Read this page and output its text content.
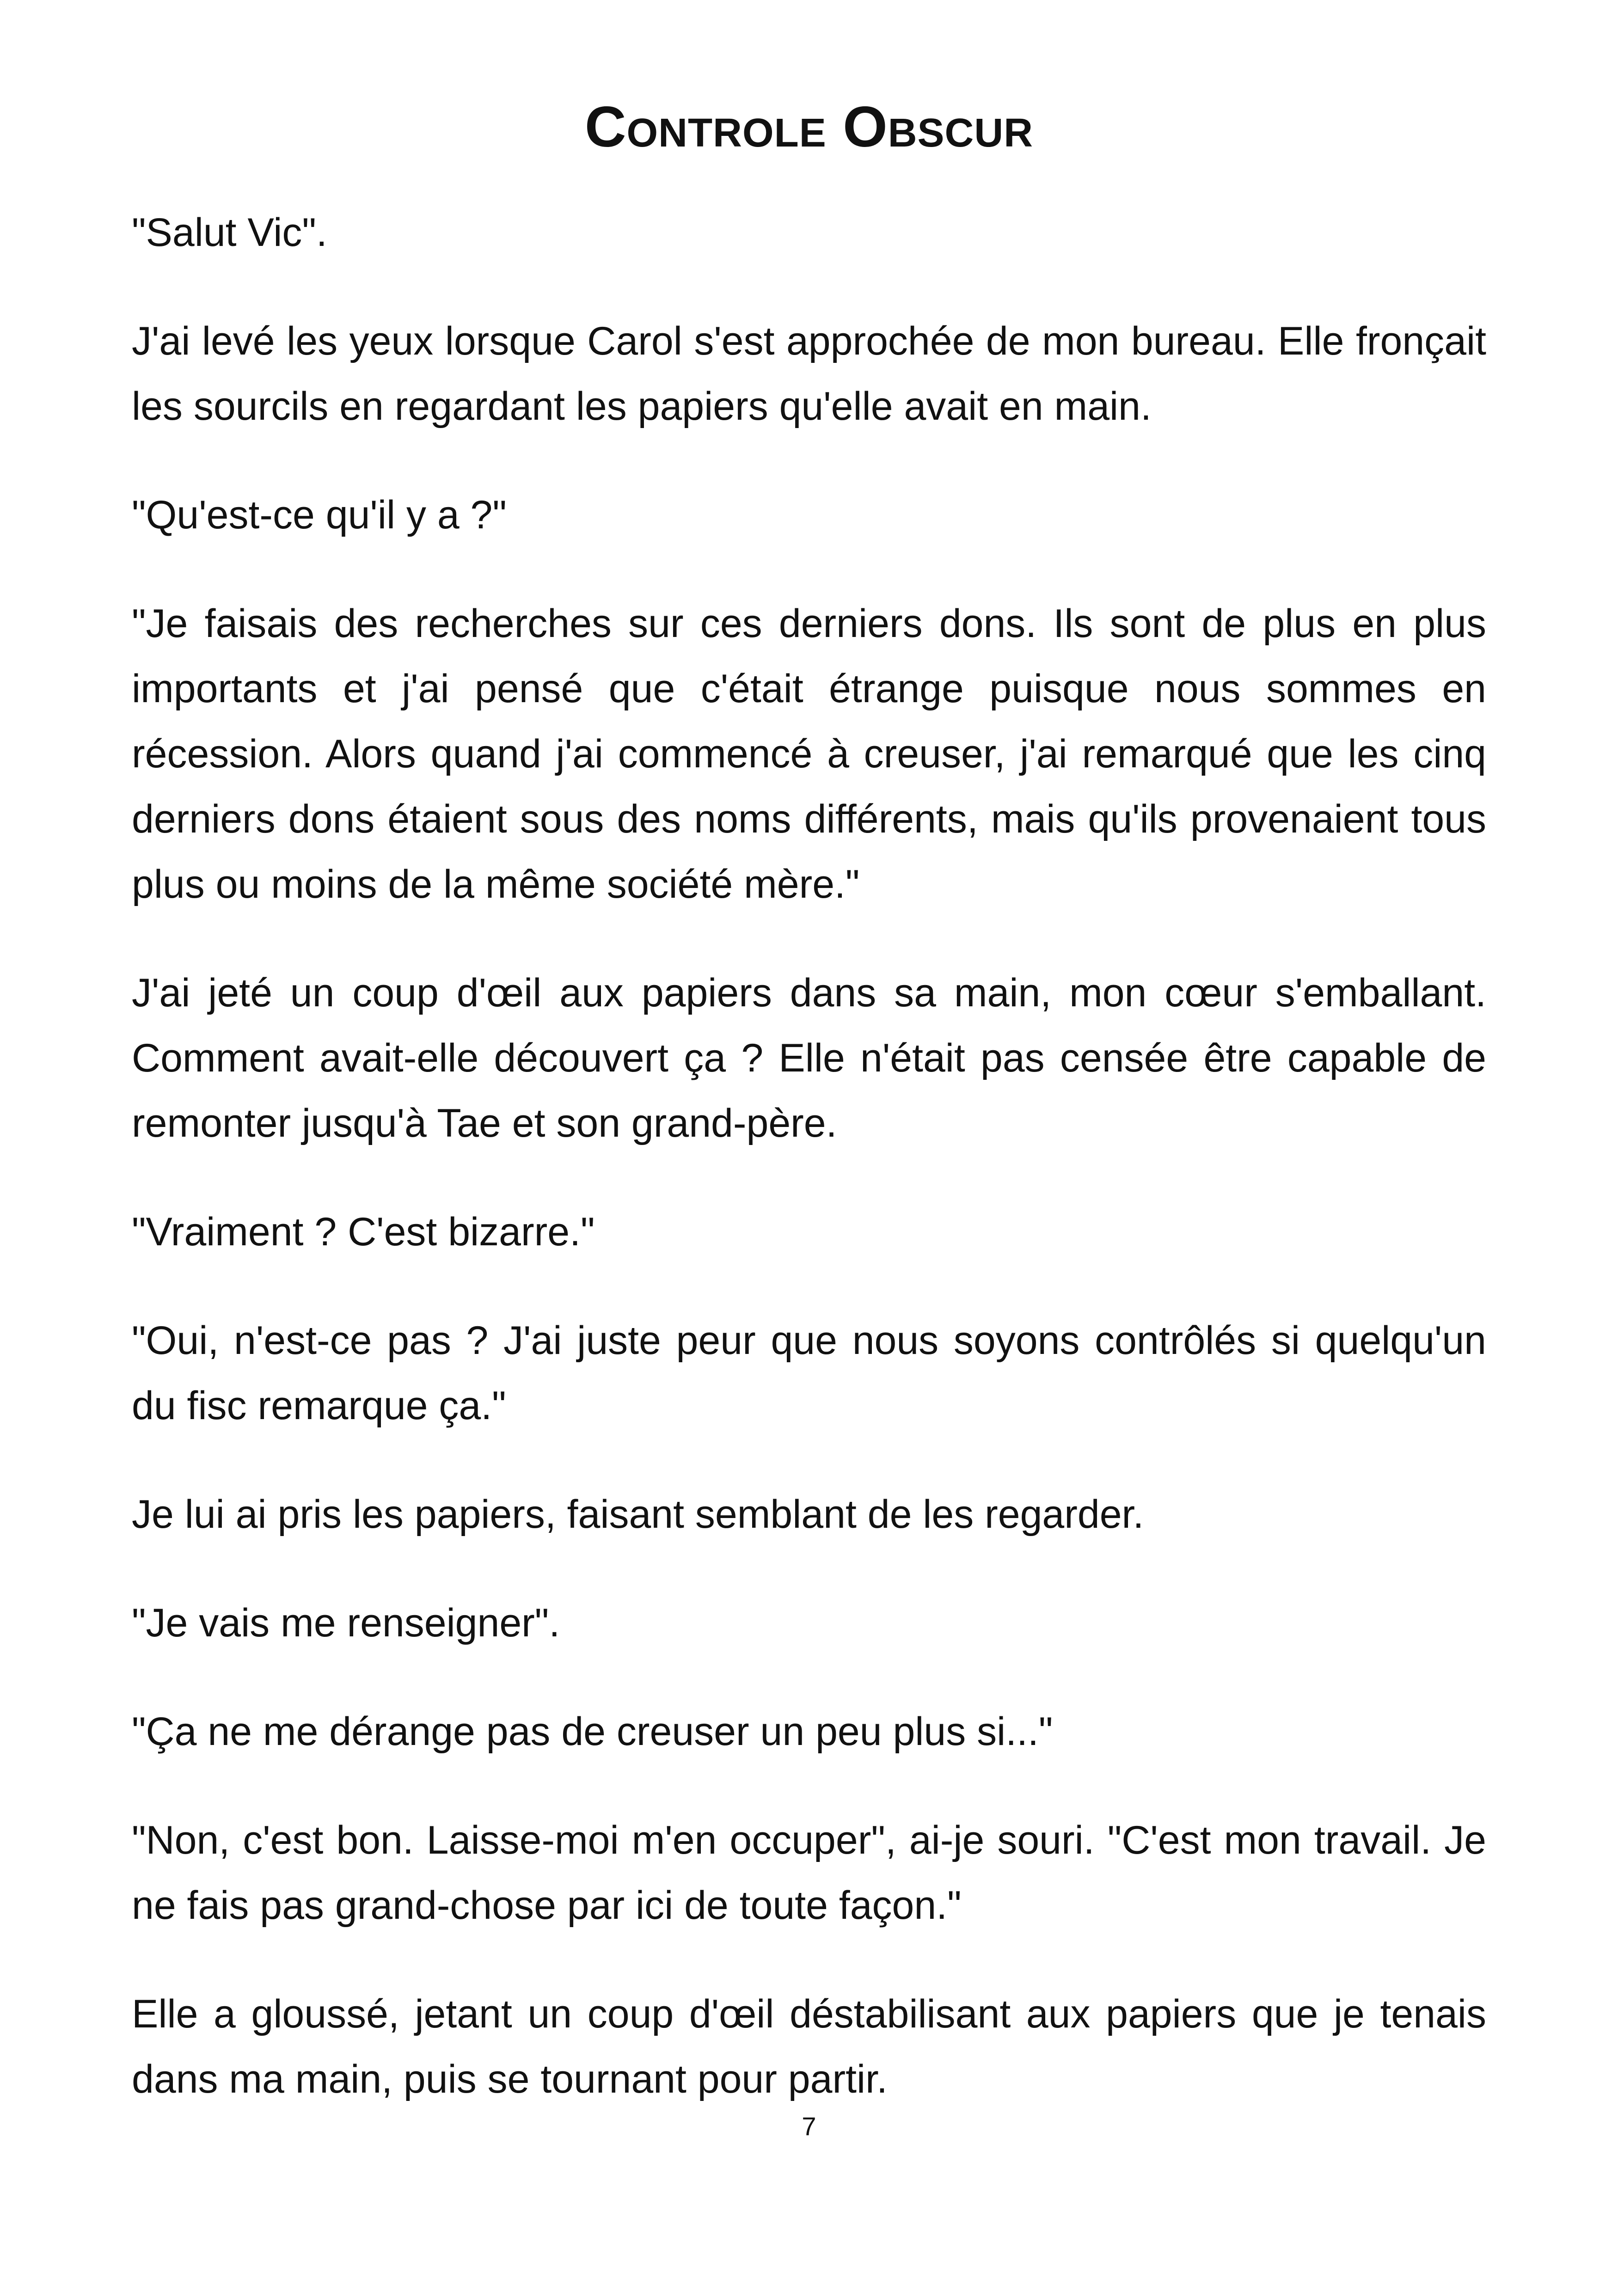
Controle Obscur

"Salut Vic".

J'ai levé les yeux lorsque Carol s'est approchée de mon bureau. Elle fronçait les sourcils en regardant les papiers qu'elle avait en main.

"Qu'est-ce qu'il y a ?"

"Je faisais des recherches sur ces derniers dons. Ils sont de plus en plus importants et j'ai pensé que c'était étrange puisque nous sommes en récession. Alors quand j'ai commencé à creuser, j'ai remarqué que les cinq derniers dons étaient sous des noms différents, mais qu'ils provenaient tous plus ou moins de la même société mère."

J'ai jeté un coup d'œil aux papiers dans sa main, mon cœur s'emballant. Comment avait-elle découvert ça ? Elle n'était pas censée être capable de remonter jusqu'à Tae et son grand-père.

"Vraiment ? C'est bizarre."

"Oui, n'est-ce pas ? J'ai juste peur que nous soyons contrôlés si quelqu'un du fisc remarque ça."

Je lui ai pris les papiers, faisant semblant de les regarder.

"Je vais me renseigner".

"Ça ne me dérange pas de creuser un peu plus si..."

"Non, c'est bon. Laisse-moi m'en occuper", ai-je souri. "C'est mon travail. Je ne fais pas grand-chose par ici de toute façon."

Elle a gloussé, jetant un coup d'œil déstabilisant aux papiers que je tenais dans ma main, puis se tournant pour partir.

7
